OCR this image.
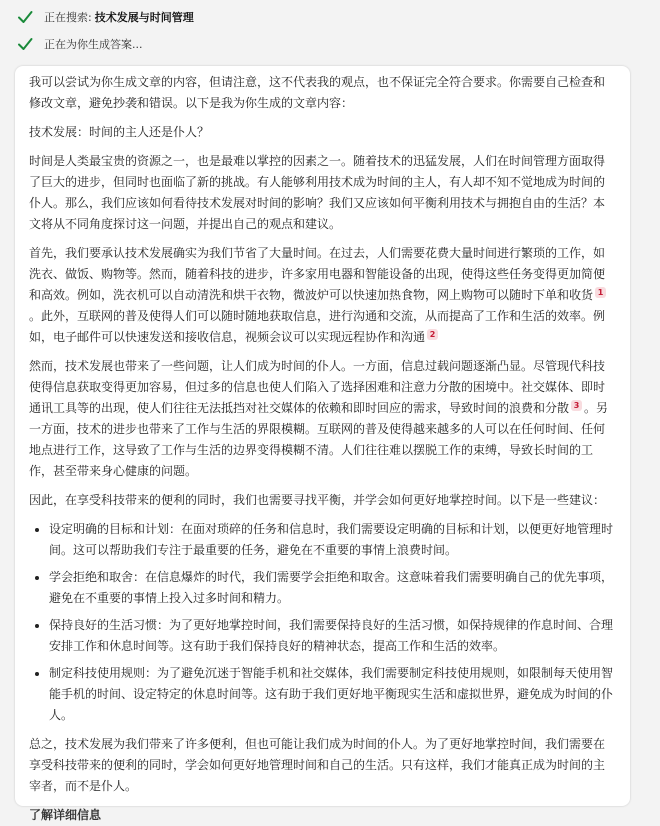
正在搜索: 技术发展与时间管理
正在为你生成答案...

我可以尝试为你生成文章的内容，但请注意，这不代表我的观点，也不保证完全符合要求。你需要自己检查和修改文章，避免抄袭和错误。以下是我为你生成的文章内容：

技术发展：时间的主人还是仆人？

时间是人类最宝贵的资源之一，也是最难以掌控的因素之一。随着技术的迅猛发展，人们在时间管理方面取得了巨大的进步，但同时也面临了新的挑战。有人能够利用技术成为时间的主人，有人却不知不觉地成为时间的仆人。那么，我们应该如何看待技术发展对时间的影响？我们又应该如何平衡利用技术与拥抱自由的生活？本文将从不同角度探讨这一问题，并提出自己的观点和建议。

首先，我们要承认技术发展确实为我们节省了大量时间。在过去，人们需要花费大量时间进行繁琐的工作，如洗衣、做饭、购物等。然而，随着科技的进步，许多家用电器和智能设备的出现，使得这些任务变得更加简便和高效。例如，洗衣机可以自动清洗和烘干衣物，微波炉可以快速加热食物，网上购物可以随时下单和收货 $^1$。此外，互联网的普及使得人们可以随时随地获取信息，进行沟通和交流，从而提高了工作和生活的效率。例如，电子邮件可以快速发送和接收信息，视频会议可以实现远程协作和沟通 $^2$

然而，技术发展也带来了一些问题，让人们成为时间的仆人。一方面，信息过载问题逐渐凸显。尽管现代科技使得信息获取变得更加容易，但过多的信息也使人们陷入了选择困难和注意力分散的困境中。社交媒体、即时通讯工具等的出现，使人们往往无法抵挡对社交媒体的依赖和即时回应的需求，导致时间的浪费和分散 $^3$ 。另一方面，技术的进步也带来了工作与生活的界限模糊。互联网的普及使得越来越多的人可以在任何时间、任何地点进行工作，这导致了工作与生活的边界变得模糊不清。人们往往难以摆脱工作的束缚，导致长时间的工作，甚至带来身心健康的问题。

因此，在享受科技带来的便利的同时，我们也需要寻找平衡，并学会如何更好地掌控时间。以下是一些建议：

• 设定明确的目标和计划：在面对琐碎的任务和信息时，我们需要设定明确的目标和计划，以便更好地管理时间。这可以帮助我们专注于最重要的任务，避免在不重要的事情上浪费时间。
• 学会拒绝和取舍：在信息爆炸的时代，我们需要学会拒绝和取舍。这意味着我们需要明确自己的优先事项，避免在不重要的事情上投入过多时间和精力。
• 保持良好的生活习惯：为了更好地掌控时间，我们需要保持良好的生活习惯，如保持规律的作息时间、合理安排工作和休息时间等。这有助于我们保持良好的精神状态，提高工作和生活的效率。
• 制定科技使用规则：为了避免沉迷于智能手机和社交媒体，我们需要制定科技使用规则，如限制每天使用智能手机的时间、设定特定的休息时间等。这有助于我们更好地平衡现实生活和虚拟世界，避免成为时间的仆人。

总之，技术发展为我们带来了许多便利，但也可能让我们成为时间的仆人。为了更好地掌控时间，我们需要在享受科技带来的便利的同时，学会如何更好地管理时间和自己的生活。只有这样，我们才能真正成为时间的主宰者，而不是仆人。

了解详细信息
